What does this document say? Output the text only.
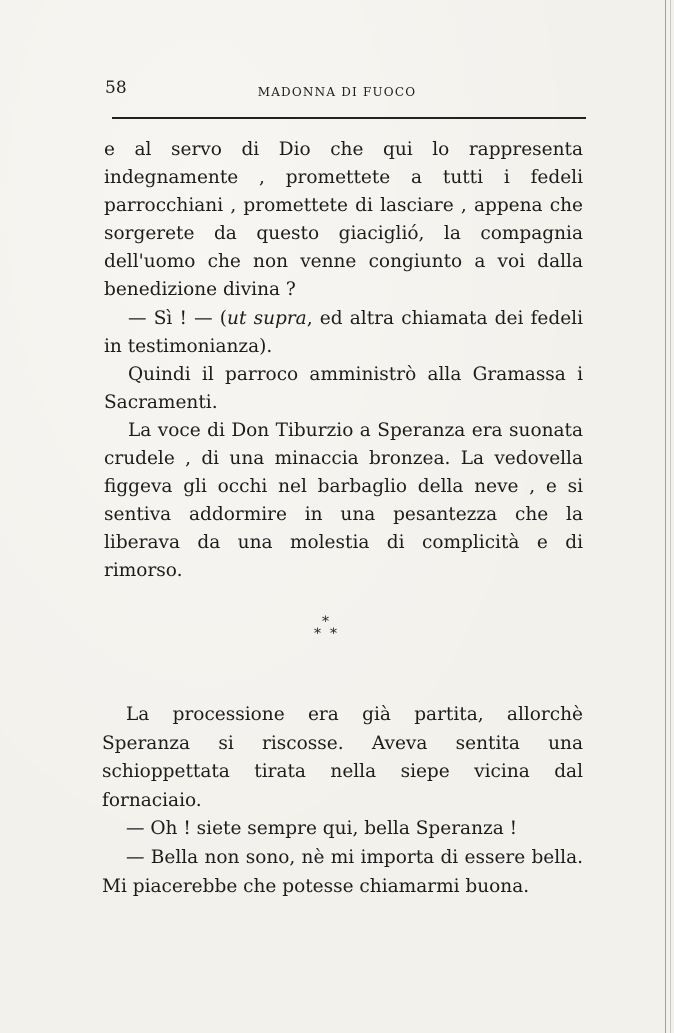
58	MADONNA DI FUOCO

e al servo di Dio che qui lo rappresenta indegnamente , promettete a tutti i fedeli parrocchiani , promettete di lasciare , appena che sorgerete da questo giaciglió, la compagnia dell'uomo che non venne congiunto a voi dalla benedizione divina ?

— Sì ! — (ut supra, ed altra chiamata dei fedeli in testimonianza).

Quindi il parroco amministrò alla Gramassa i Sacramenti.

La voce di Don Tiburzio a Speranza era suonata crudele , di una minaccia bronzea. La vedovella figgeva gli occhi nel barbaglio della neve , e si sentiva addormire in una pesantezza che la liberava da una molestia di complicità e di rimorso.

*
* *

La processione era già partita, allorchè Speranza si riscosse. Aveva sentita una schioppettata tirata nella siepe vicina dal fornaciaio.

— Oh ! siete sempre qui, bella Speranza !

— Bella non sono, nè mi importa di essere bella. Mi piacerebbe che potesse chiamarmi buona.
